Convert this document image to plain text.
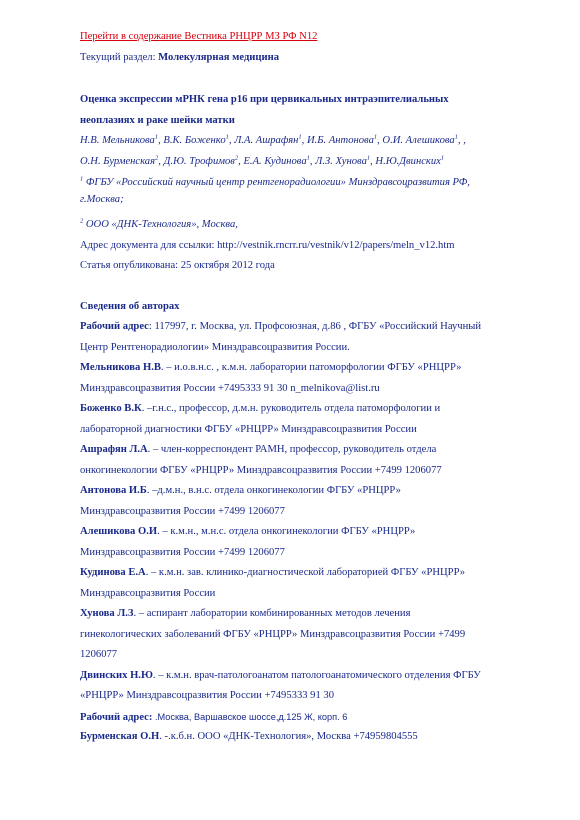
Перейти в содержание Вестника РНЦРР МЗ РФ N12
Текущий раздел: Молекулярная медицина
Оценка экспрессии мРНК гена p16 при цервикальных интраэпителиальных
неоплазиях и раке шейки матки
Н.В. Мельникова$^1$, В.К. Боженко$^1$, Л.А. Ашрафян$^1$, И.Б. Антонова$^1$, О.И. Алешикова$^1$, ,
О.Н. Бурменская$^2$, Д.Ю. Трофимов$^2$, Е.А. Кудинова$^1$, Л.З. Хунова$^1$, Н.Ю.Двинских$^1$
$^1$ ФГБУ «Российский научный центр рентгенорадиологии» Минздравсоцразвития РФ,
г.Москва;
$^2$ ООО «ДНК-Технология», Москва,
Адрес документа для ссылки: http://vestnik.rncrr.ru/vestnik/v12/papers/meln_v12.htm
Статья опубликована: 25 октября 2012 года
Сведения об авторах
Рабочий адрес: 117997, г. Москва, ул. Профсоюзная, д.86 , ФГБУ «Российский Научный
Центр Рентгенорадиологии» Минздравсоцразвития России.
Мельникова Н.В. – и.о.в.н.с. , к.м.н. лаборатории патоморфологии ФГБУ «РНЦРР»
Минздравсоцразвития России +7495333 91 30 n_melnikova@list.ru
Боженко В.К. –г.н.с., профессор, д.м.н. руководитель отдела патоморфологии и
лабораторной диагностики ФГБУ «РНЦРР» Минздравсоцразвития России
Ашрафян Л.А. – член-корреспондент РАМН, профессор, руководитель отдела
онкогинекологии ФГБУ «РНЦРР» Минздравсоцразвития России +7499 1206077
Антонова И.Б. –д.м.н., в.н.с. отдела онкогинекологии ФГБУ «РНЦРР»
Минздравсоцразвития России +7499 1206077
Алешикова О.И. – к.м.н., м.н.с. отдела онкогинекологии ФГБУ «РНЦРР»
Минздравсоцразвития России +7499 1206077
Кудинова Е.А. – к.м.н. зав. клинико-диагностической лабораторией ФГБУ «РНЦРР»
Минздравсоцразвития России
Хунова Л.З. – аспирант лаборатории комбинированных методов лечения
гинекологических заболеваний ФГБУ «РНЦРР» Минздравсоцразвития России +7499
1206077
Двинских Н.Ю. – к.м.н. врач-патологоанатом патологоанатомического отделения ФГБУ
«РНЦРР» Минздравсоцразвития России +7495333 91 30
Рабочий адрес: .Москва, Варшавское шоссе,д.125 Ж, корп. 6
Бурменская О.Н. -.к.б.н. ООО «ДНК-Технология», Москва +74959804555
